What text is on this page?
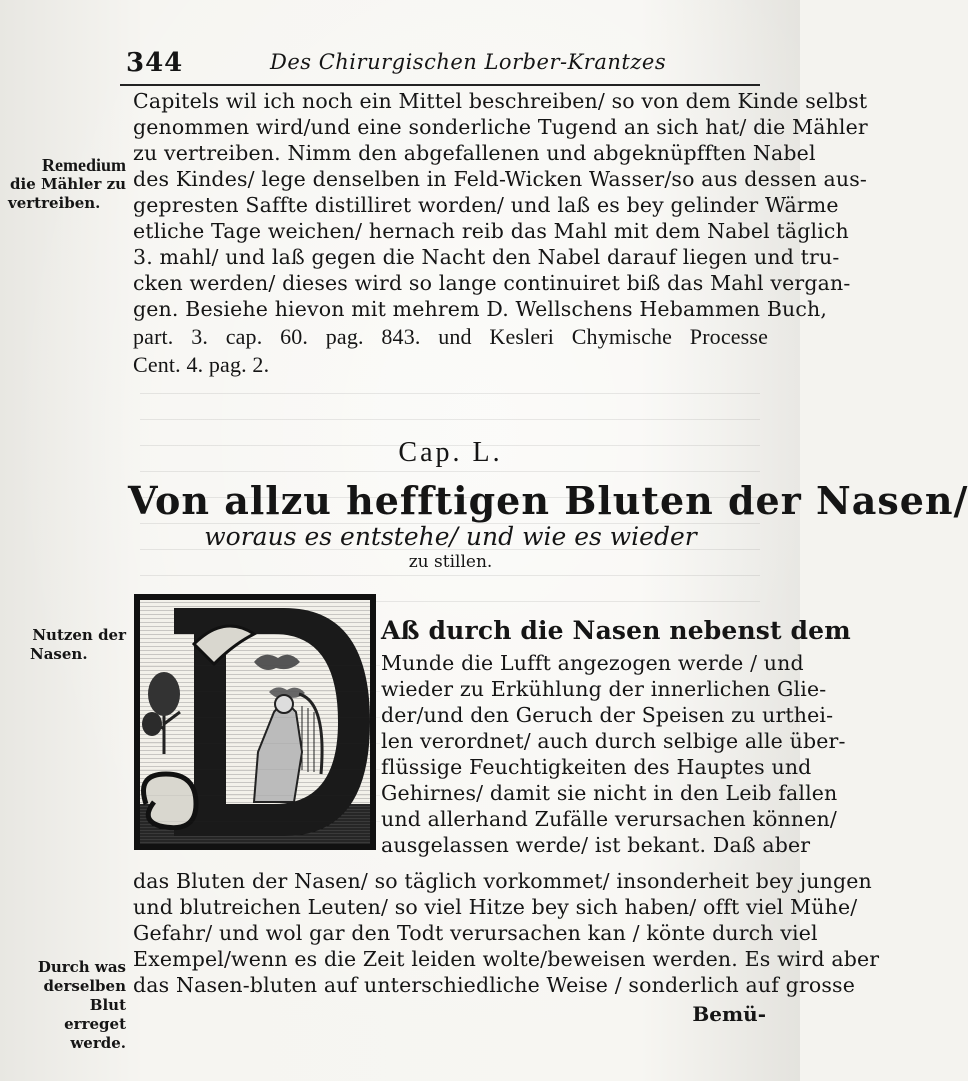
344	Des Chirurgischen Lorber-Krantzes
Capitels wil ich noch ein Mittel beschreiben/ so von dem Kinde selbst
genommen wird/und eine sonderliche Tugend an sich hat/ die Mähler
zu vertreiben. Nimm den abgefallenen und abgeknüpfften Nabel
des Kindes/ lege denselben in Feld-Wicken Wasser/so aus dessen aus-
gepresten Saffte distilliret worden/ und laß es bey gelinder Wärme
etliche Tage weichen/ hernach reib das Mahl mit dem Nabel täglich
3. mahl/ und laß gegen die Nacht den Nabel darauf liegen und tru-
cken werden/ dieses wird so lange continuiret biß das Mahl vergan-
gen. Besiehe hievon mit mehrem D. Wellschens Hebammen Buch,
part. 3. cap. 60. pag. 843. und Kesleri Chymische Processe
Cent. 4. pag. 2.
Remedium
die Mähler zu
vertreiben.
Cap. L.
Von allzu hefftigen Bluten der Nasen/
woraus es entstehe/ und wie es wieder
zu stillen.
Nutzen der
Nasen.
Aß durch die Nasen nebenst dem
Munde die Lufft angezogen werde / und
wieder zu Erkühlung der innerlichen Glie-
der/und den Geruch der Speisen zu urthei-
len verordnet/ auch durch selbige alle über-
flüssige Feuchtigkeiten des Hauptes und
Gehirnes/ damit sie nicht in den Leib fallen
und allerhand Zufälle verursachen können/
ausgelassen werde/ ist bekant. Daß aber
das Bluten der Nasen/ so täglich vorkommet/ insonderheit bey jungen
und blutreichen Leuten/ so viel Hitze bey sich haben/ offt viel Mühe/
Gefahr/ und wol gar den Todt verursachen kan / könte durch viel
Exempel/wenn es die Zeit leiden wolte/beweisen werden. Es wird aber
das Nasen-bluten auf unterschiedliche Weise / sonderlich auf grosse
Durch was
derselben Blut
erreget werde.
Bemü-
